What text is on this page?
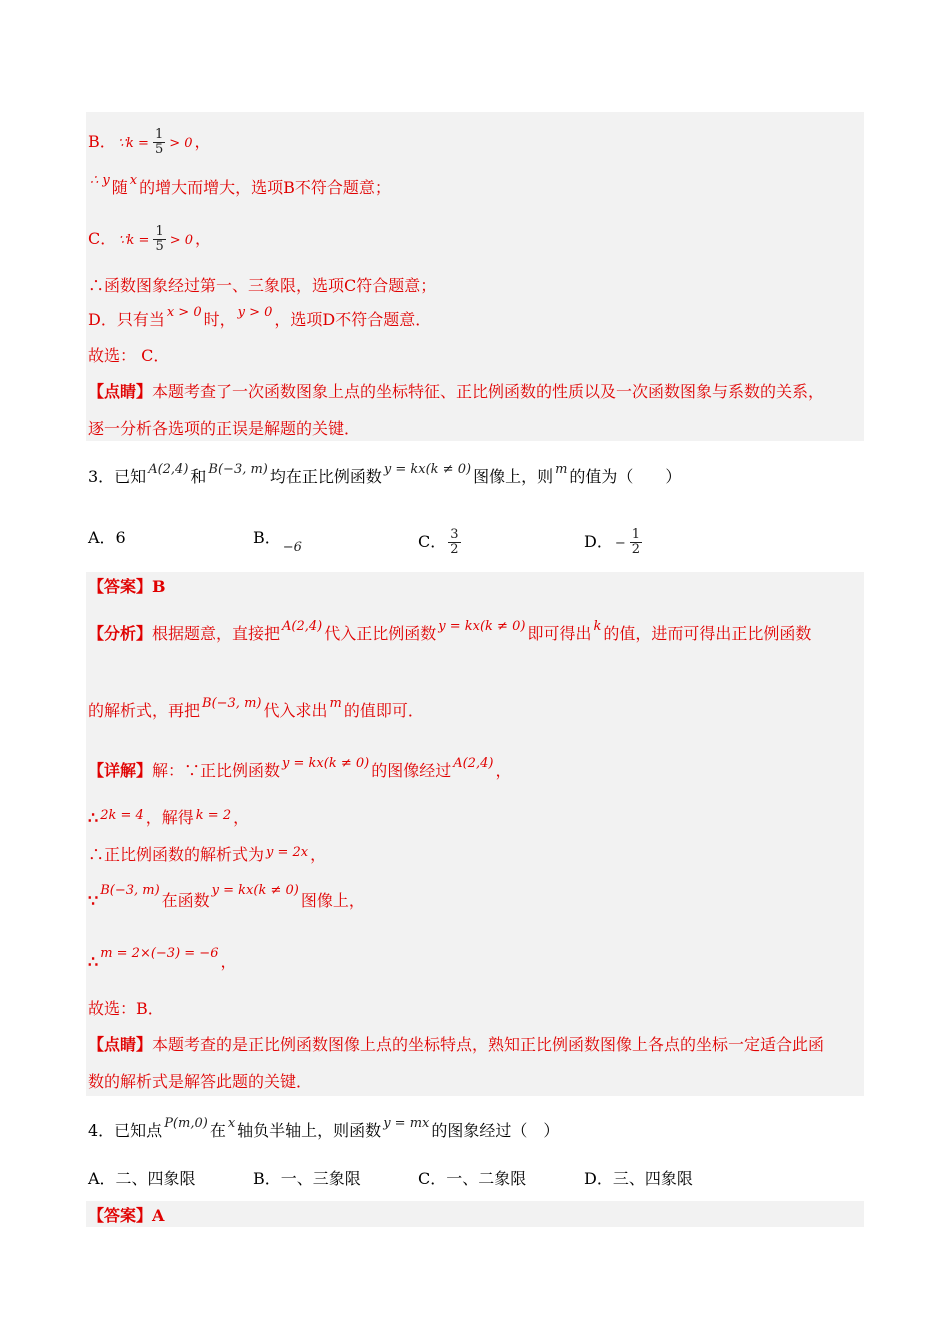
B． ∵k = $\frac{1}{5} > 0$ ，
$^{\therefore y}$ 随 $^x$ 的增大而增大，选项B不符合题意；
C． ∵k = $\frac{1}{5} > 0$ ，
∴函数图象经过第一、三象限，选项C符合题意；
D．只有当 $^{x > 0}$ 时， $^{y > 0}$ ，选项D不符合题意．
故选： C．
【点睛】本题考查了一次函数图象上点的坐标特征、正比例函数的性质以及一次函数图象与系数的关系，
逐一分析各选项的正误是解题的关键．
3．已知 $^{A(2,4)}$ 和 $^{B(-3, m)}$ 均在正比例函数 $^{y = kx(k \ne 0)}$ 图像上，则 $^m$ 的值为（　　）
A．6	B．$_{-6}$	C． $\frac{3}{2}$	D． − $\frac{1}{2}$
【答案】B
【分析】根据题意，直接把 $^{A(2,4)}$ 代入正比例函数 $^{y = kx(k \ne 0)}$ 即可得出 $^k$ 的值，进而可得出正比例函数
的解析式，再把 $^{B(-3, m)}$ 代入求出 $^m$ 的值即可．
【详解】解：∵正比例函数 $^{y = kx(k \ne 0)}$ 的图像经过 $^{A(2,4)}$ ，
∴ $^{2k = 4}$ ，解得 $^{k = 2}$ ，
∴正比例函数的解析式为 $^{y = 2x}$ ，
∵$^{B(-3, m)}$在函数$^{y = kx(k \ne 0)}$图像上，
∴ $^{m = 2\times(-3) = -6}$ ，
故选：B．
【点睛】本题考查的是正比例函数图像上点的坐标特点，熟知正比例函数图像上各点的坐标一定适合此函
数的解析式是解答此题的关键．
4．已知点 $^{P(m,0)}$ 在 $^x$ 轴负半轴上，则函数 $^{y = mx}$ 的图象经过（　）
A．二、四象限	B．一、三象限	C．一、二象限	D．三、四象限
【答案】A
